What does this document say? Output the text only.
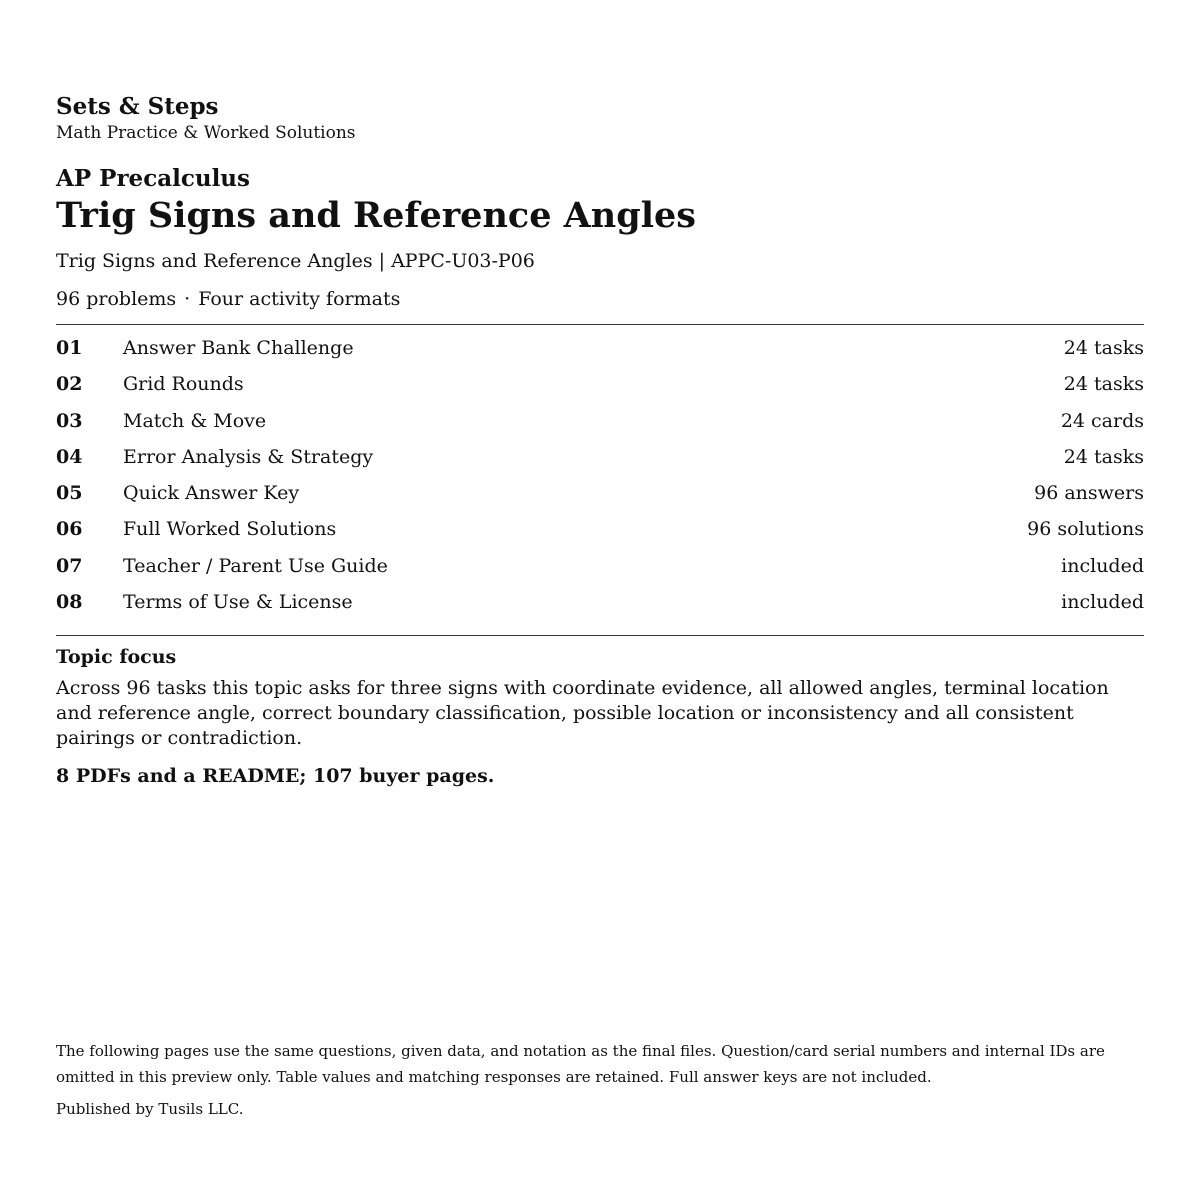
Sets & Steps

Math Practice & Worked Solutions

AP Precalculus

Trig Signs and Reference Angles

Trig Signs and Reference Angles | APPC-U03-P06

96 problems · Four activity formats

01	Answer Bank Challenge	24 tasks
02	Grid Rounds	24 tasks
03	Match & Move	24 cards
04	Error Analysis & Strategy	24 tasks
05	Quick Answer Key	96 answers
06	Full Worked Solutions	96 solutions
07	Teacher / Parent Use Guide	included
08	Terms of Use & License	included

Topic focus

Across 96 tasks this topic asks for three signs with coordinate evidence, all allowed angles, terminal location and reference angle, correct boundary classification, possible location or inconsistency and all consistent pairings or contradiction.

8 PDFs and a README; 107 buyer pages.

The following pages use the same questions, given data, and notation as the final files. Question/card serial numbers and internal IDs are omitted in this preview only. Table values and matching responses are retained. Full answer keys are not included.

Published by Tusils LLC.
